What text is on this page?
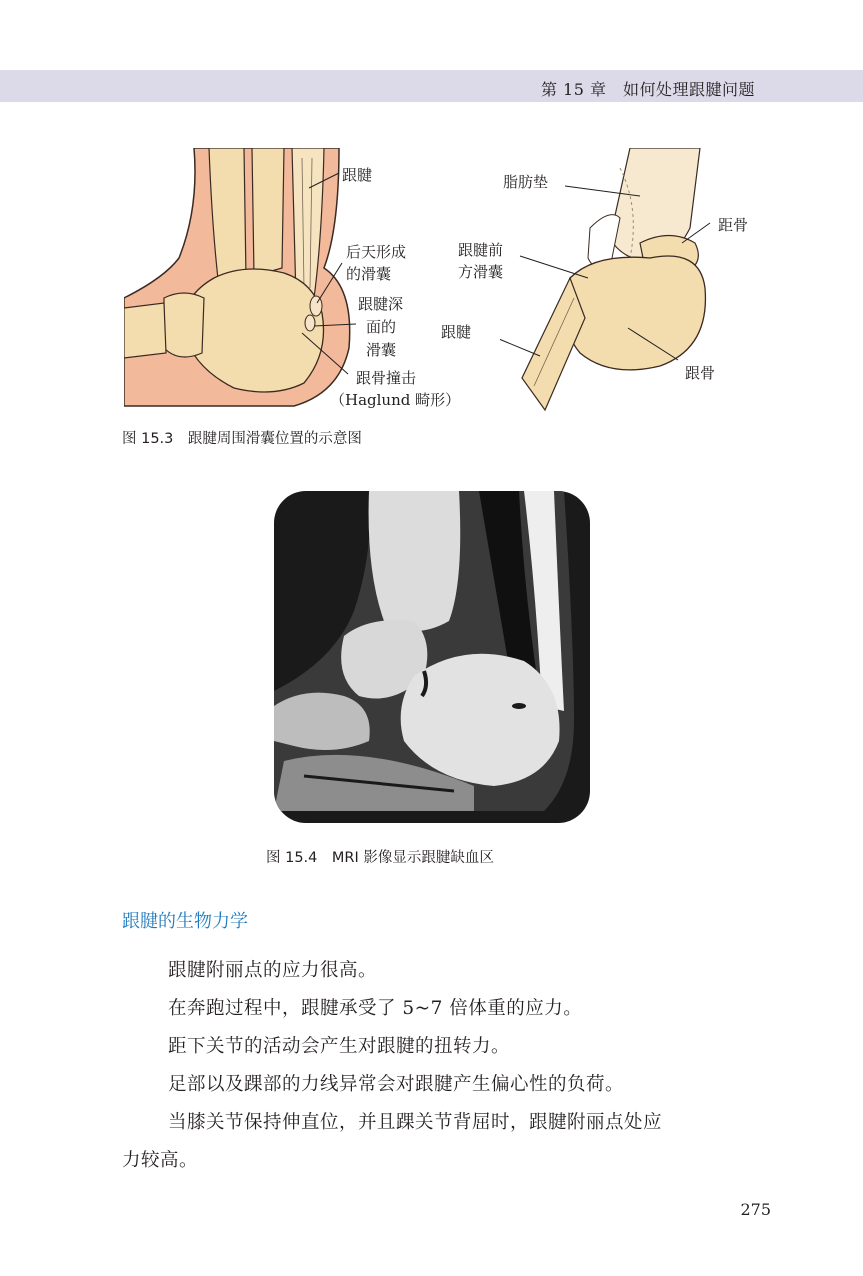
第 15 章　如何处理跟腱问题
跟腱
后天形成
的滑囊
跟腱深
面的
滑囊
跟骨撞击
（Haglund 畸形）
脂肪垫
距骨
跟腱前
方滑囊
跟腱
跟骨
图 15.3　跟腱周围滑囊位置的示意图
图 15.4　MRI 影像显示跟腱缺血区
跟腱的生物力学
跟腱附丽点的应力很高。
在奔跑过程中，跟腱承受了 5~7 倍体重的应力。
距下关节的活动会产生对跟腱的扭转力。
足部以及踝部的力线异常会对跟腱产生偏心性的负荷。
当膝关节保持伸直位，并且踝关节背屈时，跟腱附丽点处应
力较高。
275
